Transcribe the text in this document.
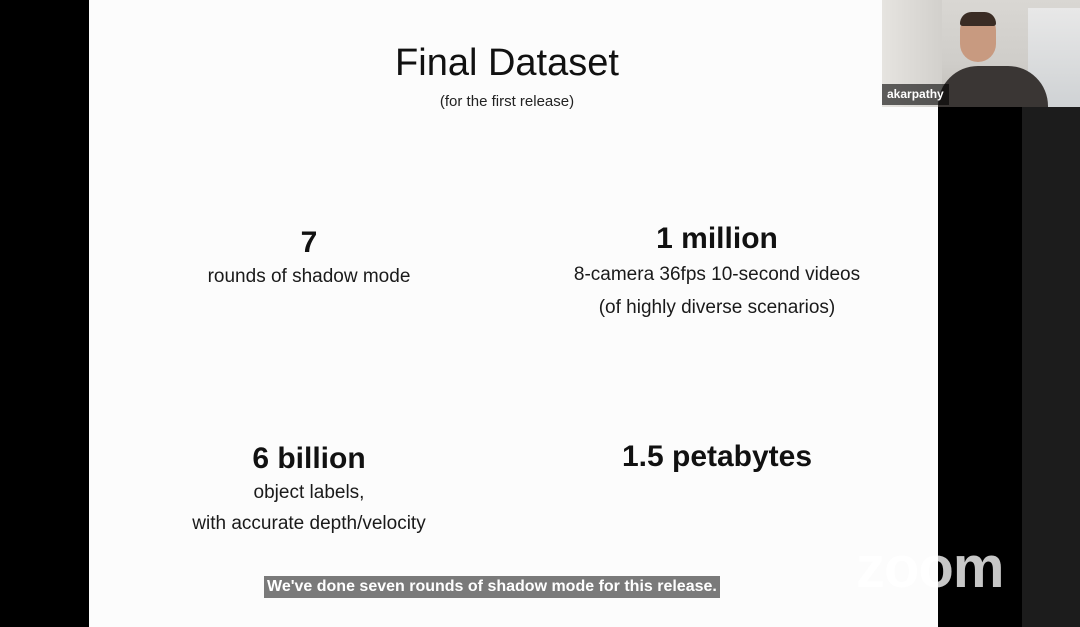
Final Dataset
(for the first release)
7
rounds of shadow mode
1 million
8-camera 36fps 10-second videos
(of highly diverse scenarios)
6 billion
object labels,
with accurate depth/velocity
1.5 petabytes
akarpathy
We've done seven rounds of shadow mode for this release. zoom
